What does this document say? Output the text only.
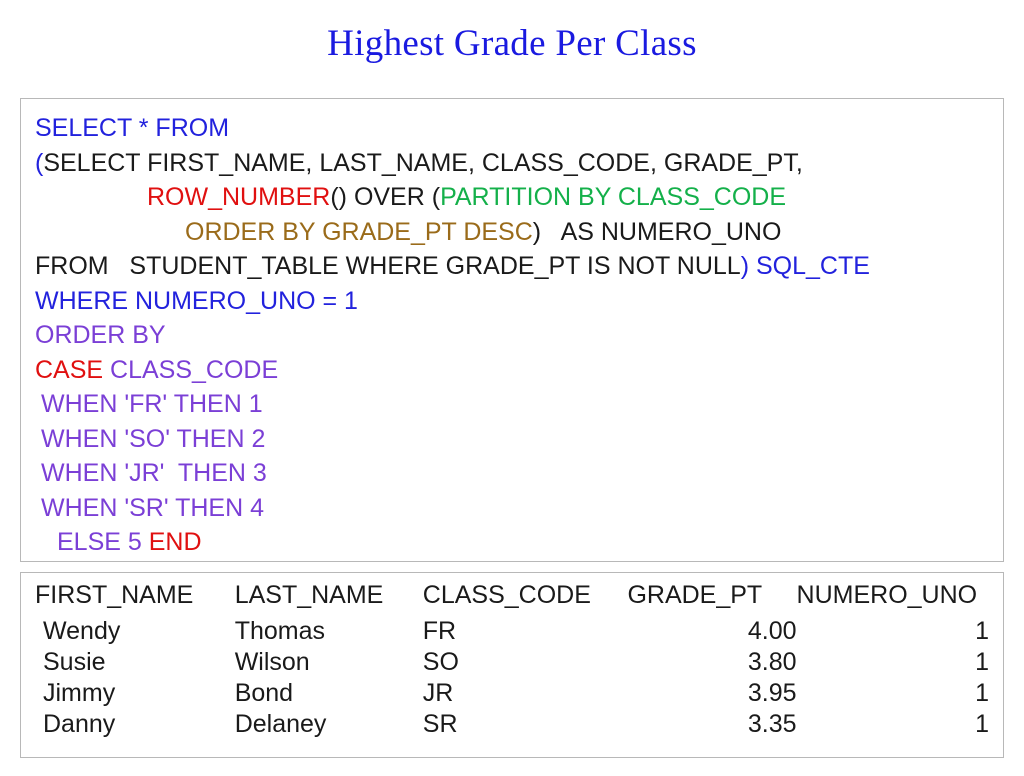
Highest Grade Per Class
SELECT * FROM
(SELECT FIRST_NAME, LAST_NAME, CLASS_CODE, GRADE_PT,
ROW_NUMBER() OVER (PARTITION BY CLASS_CODE
ORDER BY GRADE_PT DESC)   AS NUMERO_UNO
FROM   STUDENT_TABLE WHERE GRADE_PT IS NOT NULL) SQL_CTE
WHERE NUMERO_UNO = 1
ORDER BY
CASE CLASS_CODE
WHEN 'FR' THEN 1
WHEN 'SO' THEN 2
WHEN 'JR'  THEN 3
WHEN 'SR' THEN 4
ELSE 5 END
FIRST_NAME	LAST_NAME	CLASS_CODE	GRADE_PT	NUMERO_UNO
Wendy	Thomas	FR	4.00	1
Susie	Wilson	SO	3.80	1
Jimmy	Bond	JR	3.95	1
Danny	Delaney	SR	3.35	1
